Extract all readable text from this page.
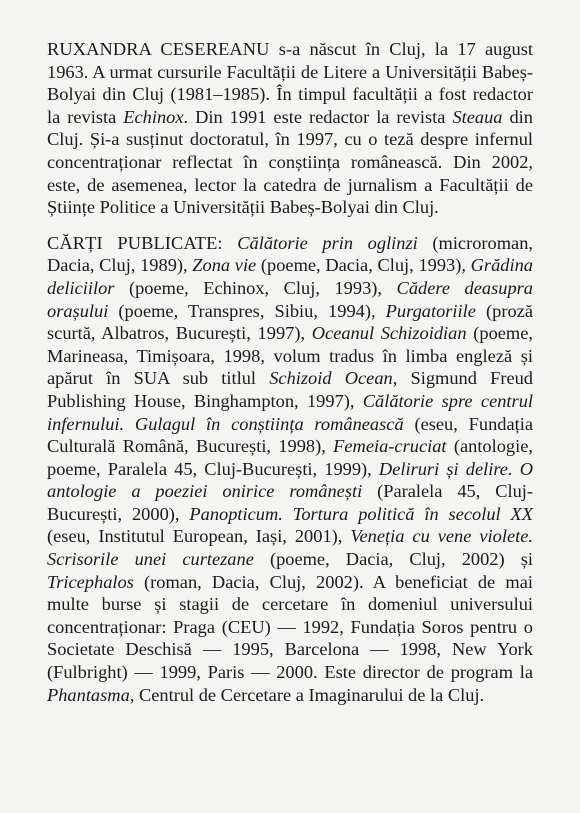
RUXANDRA CESEREANU s-a născut în Cluj, la 17 august 1963. A urmat cursurile Facultății de Litere a Universității Babeș-Bolyai din Cluj (1981–1985). În timpul facultății a fost redactor la revista Echinox. Din 1991 este redactor la revista Steaua din Cluj. Și-a susținut doctoratul, în 1997, cu o teză despre infernul concentraționar reflectat în conștiința românească. Din 2002, este, de asemenea, lector la catedra de jurnalism a Facultății de Științe Politice a Universității Babeș-Bolyai din Cluj.

CĂRȚI PUBLICATE: Călătorie prin oglinzi (microroman, Dacia, Cluj, 1989), Zona vie (poeme, Dacia, Cluj, 1993), Grădina deliciilor (poeme, Echinox, Cluj, 1993), Cădere deasupra orașului (poeme, Transpres, Sibiu, 1994), Purgatoriile (proză scurtă, Albatros, București, 1997), Oceanul Schizoidian (poeme, Marineasa, Timișoara, 1998, volum tradus în limba engleză și apărut în SUA sub titlul Schizoid Ocean, Sigmund Freud Publishing House, Binghampton, 1997), Călătorie spre centrul infernului. Gulagul în conștiința românească (eseu, Fundația Culturală Română, București, 1998), Femeia-cruciat (antologie, poeme, Paralela 45, Cluj-București, 1999), Deliruri și delire. O antologie a poeziei onirice românești (Paralela 45, Cluj-București, 2000), Panopticum. Tortura politică în secolul XX (eseu, Institutul European, Iași, 2001), Veneția cu vene violete. Scrisorile unei curtezane (poeme, Dacia, Cluj, 2002) și Tricephalos (roman, Dacia, Cluj, 2002). A beneficiat de mai multe burse și stagii de cercetare în domeniul universului concentraționar: Praga (CEU) — 1992, Fundația Soros pentru o Societate Deschisă — 1995, Barcelona — 1998, New York (Fulbright) — 1999, Paris — 2000. Este director de program la Phantasma, Centrul de Cercetare a Imaginarului de la Cluj.
